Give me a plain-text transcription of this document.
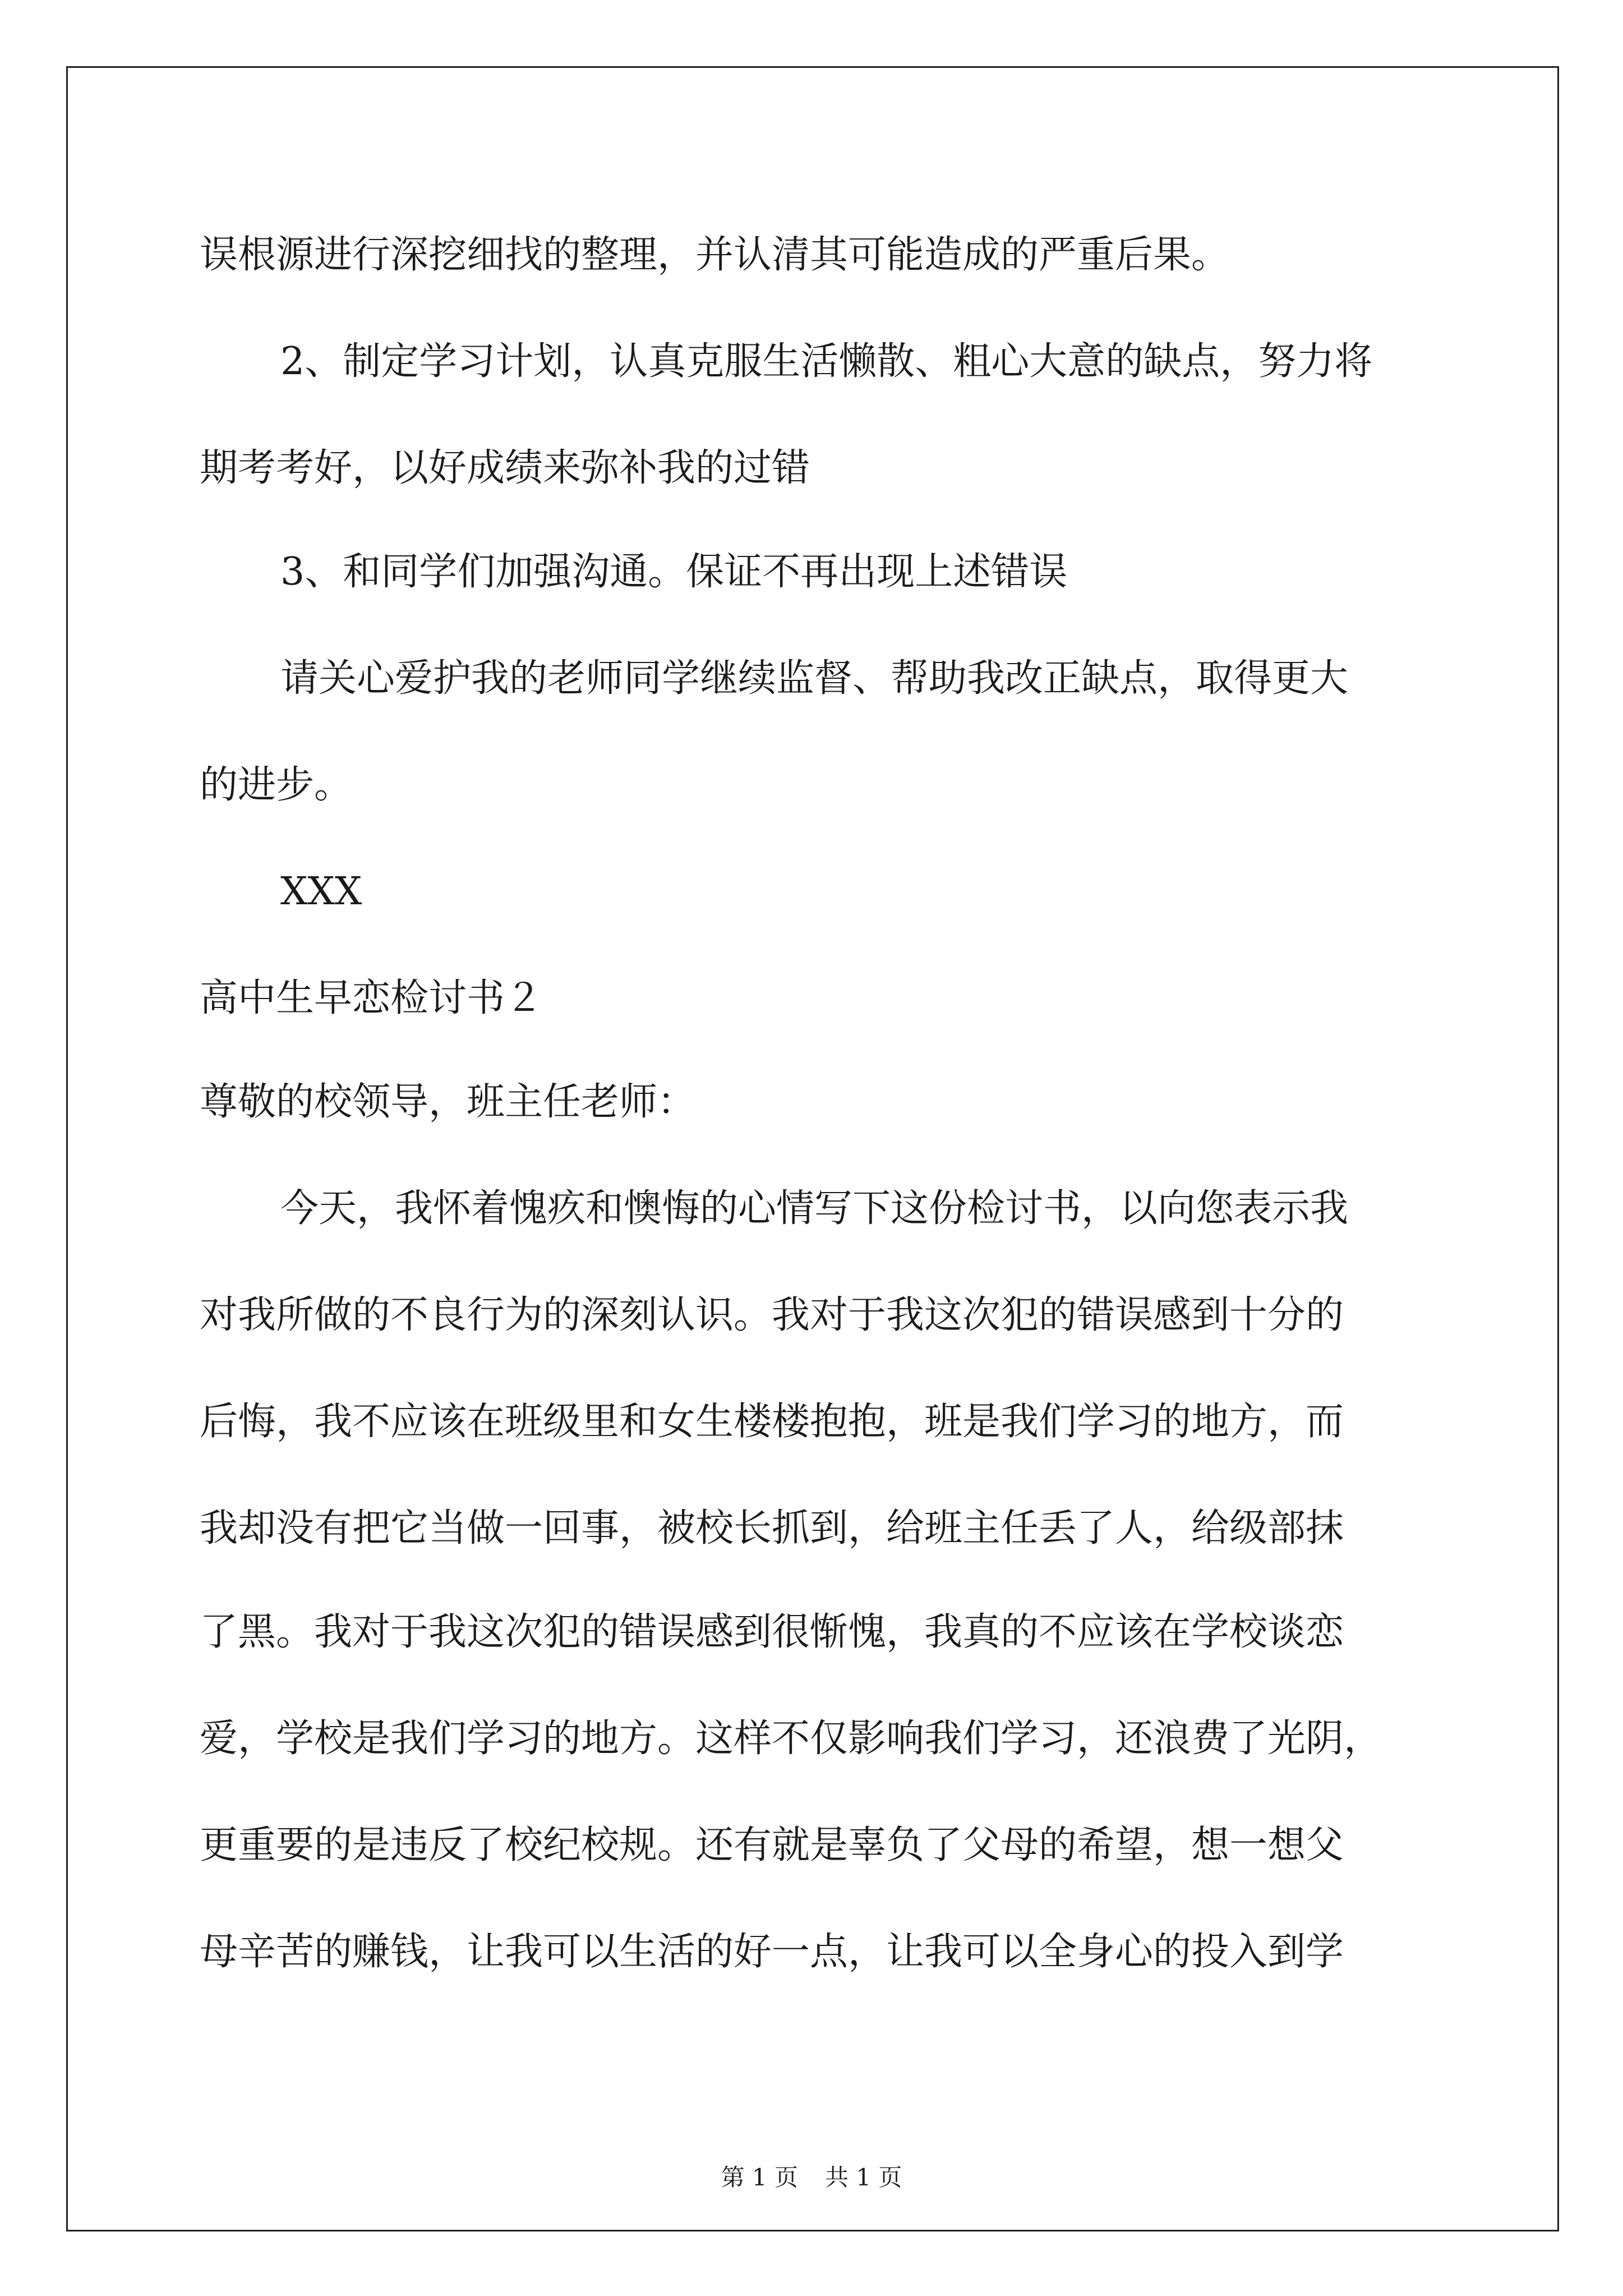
误根源进行深挖细找的整理，并认清其可能造成的严重后果。
2、制定学习计划，认真克服生活懒散、粗心大意的缺点，努力将
期考考好，以好成绩来弥补我的过错
3、和同学们加强沟通。保证不再出现上述错误
请关心爱护我的老师同学继续监督、帮助我改正缺点，取得更大
的进步。
XXX
高中生早恋检讨书２
尊敬的校领导，班主任老师：
今天，我怀着愧疚和懊悔的心情写下这份检讨书，以向您表示我
对我所做的不良行为的深刻认识。我对于我这次犯的错误感到十分的
后悔，我不应该在班级里和女生楼楼抱抱，班是我们学习的地方，而
我却没有把它当做一回事，被校长抓到，给班主任丢了人，给级部抹
了黑。我对于我这次犯的错误感到很惭愧，我真的不应该在学校谈恋
爱，学校是我们学习的地方。这样不仅影响我们学习，还浪费了光阴，
更重要的是违反了校纪校规。还有就是辜负了父母的希望，想一想父
母辛苦的赚钱，让我可以生活的好一点，让我可以全身心的投入到学
第 1 页 共 1 页
